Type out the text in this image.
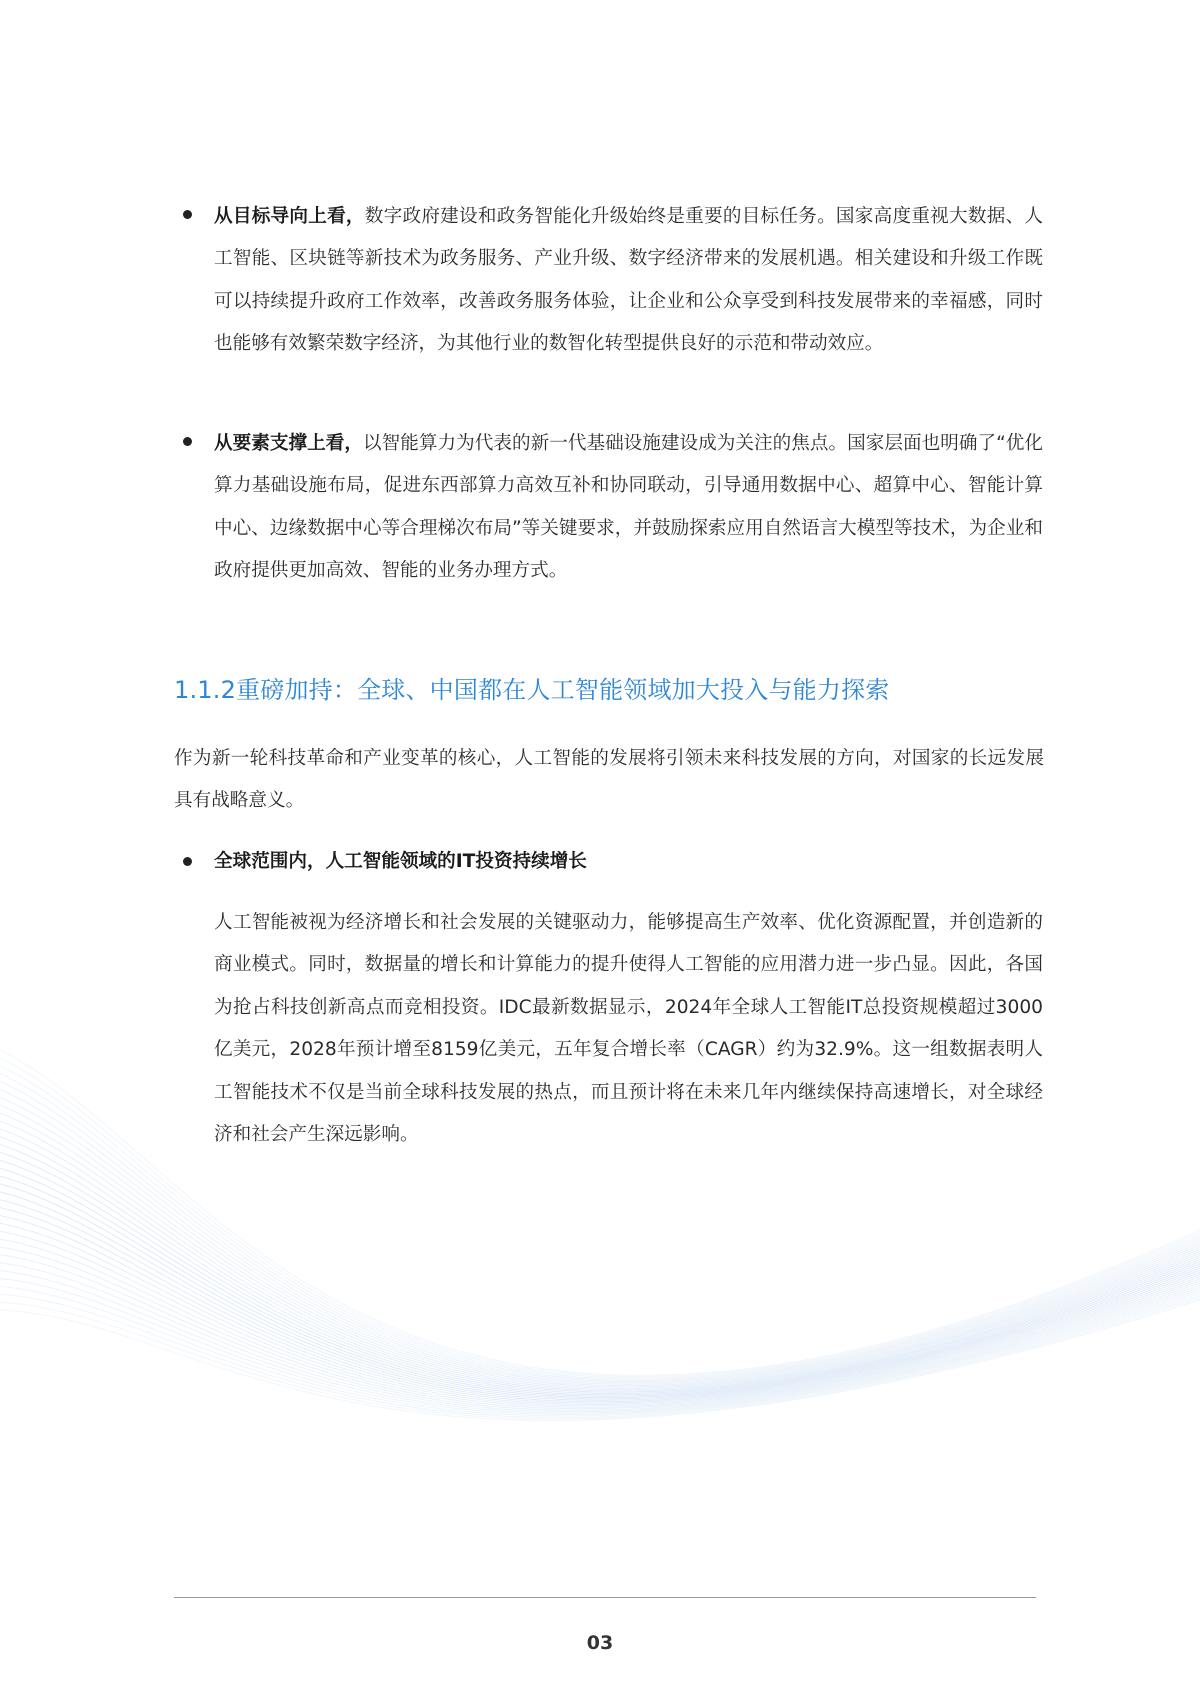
从目标导向上看，数字政府建设和政务智能化升级始终是重要的目标任务。国家高度重视大数据、人工智能、区块链等新技术为政务服务、产业升级、数字经济带来的发展机遇。相关建设和升级工作既可以持续提升政府工作效率，改善政务服务体验，让企业和公众享受到科技发展带来的幸福感，同时也能够有效繁荣数字经济，为其他行业的数智化转型提供良好的示范和带动效应。
从要素支撑上看，以智能算力为代表的新一代基础设施建设成为关注的焦点。国家层面也明确了“优化算力基础设施布局，促进东西部算力高效互补和协同联动，引导通用数据中心、超算中心、智能计算中心、边缘数据中心等合理梯次布局”等关键要求，并鼓励探索应用自然语言大模型等技术，为企业和政府提供更加高效、智能的业务办理方式。
1.1.2重磅加持：全球、中国都在人工智能领域加大投入与能力探索
作为新一轮科技革命和产业变革的核心，人工智能的发展将引领未来科技发展的方向，对国家的长远发展具有战略意义。
全球范围内，人工智能领域的IT投资持续增长
人工智能被视为经济增长和社会发展的关键驱动力，能够提高生产效率、优化资源配置，并创造新的商业模式。同时，数据量的增长和计算能力的提升使得人工智能的应用潜力进一步凸显。因此，各国为抢占科技创新高点而竞相投资。IDC最新数据显示，2024年全球人工智能IT总投资规模超过3000亿美元，2028年预计增至8159亿美元，五年复合增长率（CAGR）约为32.9%。这一组数据表明人工智能技术不仅是当前全球科技发展的热点，而且预计将在未来几年内继续保持高速增长，对全球经济和社会产生深远影响。
03
